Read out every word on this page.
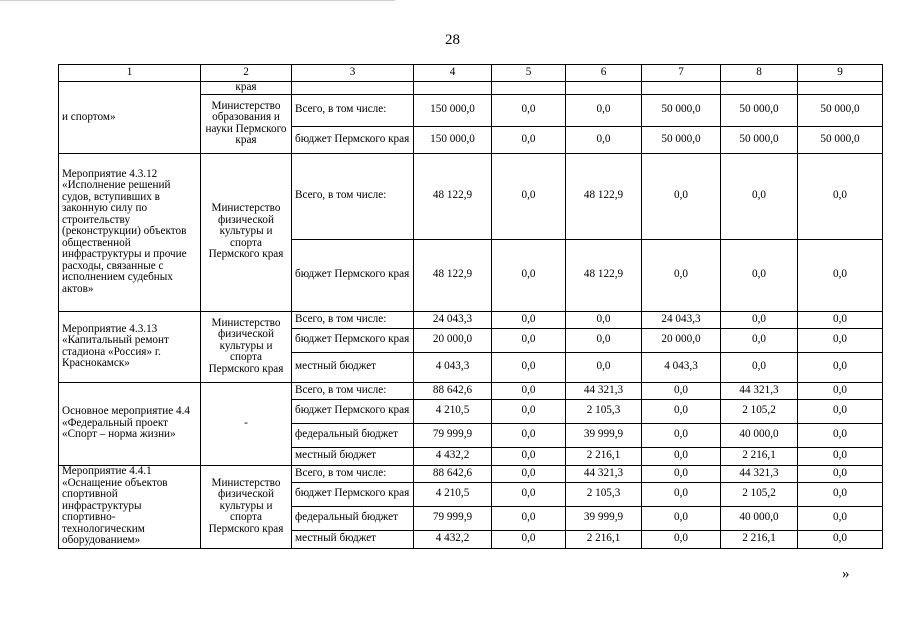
28
1	2	3	4	5	6	7	8	9
и спортом»	края							
	Министерство образования и науки Пермского края	Всего, в том числе:	150 000,0	0,0	0,0	50 000,0	50 000,0	50 000,0
		бюджет Пермского края	150 000,0	0,0	0,0	50 000,0	50 000,0	50 000,0
Мероприятие 4.3.12 «Исполнение решений судов, вступивших в законную силу по строительству (реконструкции) объектов общественной инфраструктуры и прочие расходы, связанные с исполнением судебных актов»	Министерство физической культуры и спорта Пермского края	Всего, в том числе:	48 122,9	0,0	48 122,9	0,0	0,0	0,0
		бюджет Пермского края	48 122,9	0,0	48 122,9	0,0	0,0	0,0
Мероприятие 4.3.13 «Капитальный ремонт стадиона «Россия» г. Краснокамск»	Министерство физической культуры и спорта Пермского края	Всего, в том числе:	24 043,3	0,0	0,0	24 043,3	0,0	0,0
		бюджет Пермского края	20 000,0	0,0	0,0	20 000,0	0,0	0,0
		местный бюджет	4 043,3	0,0	0,0	4 043,3	0,0	0,0
Основное мероприятие 4.4 «Федеральный проект «Спорт – норма жизни»	-	Всего, в том числе:	88 642,6	0,0	44 321,3	0,0	44 321,3	0,0
		бюджет Пермского края	4 210,5	0,0	2 105,3	0,0	2 105,2	0,0
		федеральный бюджет	79 999,9	0,0	39 999,9	0,0	40 000,0	0,0
		местный бюджет	4 432,2	0,0	2 216,1	0,0	2 216,1	0,0
Мероприятие 4.4.1 «Оснащение объектов спортивной инфраструктуры спортивно-технологическим оборудованием»	Министерство физической культуры и спорта Пермского края	Всего, в том числе:	88 642,6	0,0	44 321,3	0,0	44 321,3	0,0
		бюджет Пермского края	4 210,5	0,0	2 105,3	0,0	2 105,2	0,0
		федеральный бюджет	79 999,9	0,0	39 999,9	0,0	40 000,0	0,0
		местный бюджет	4 432,2	0,0	2 216,1	0,0	2 216,1	0,0
»
